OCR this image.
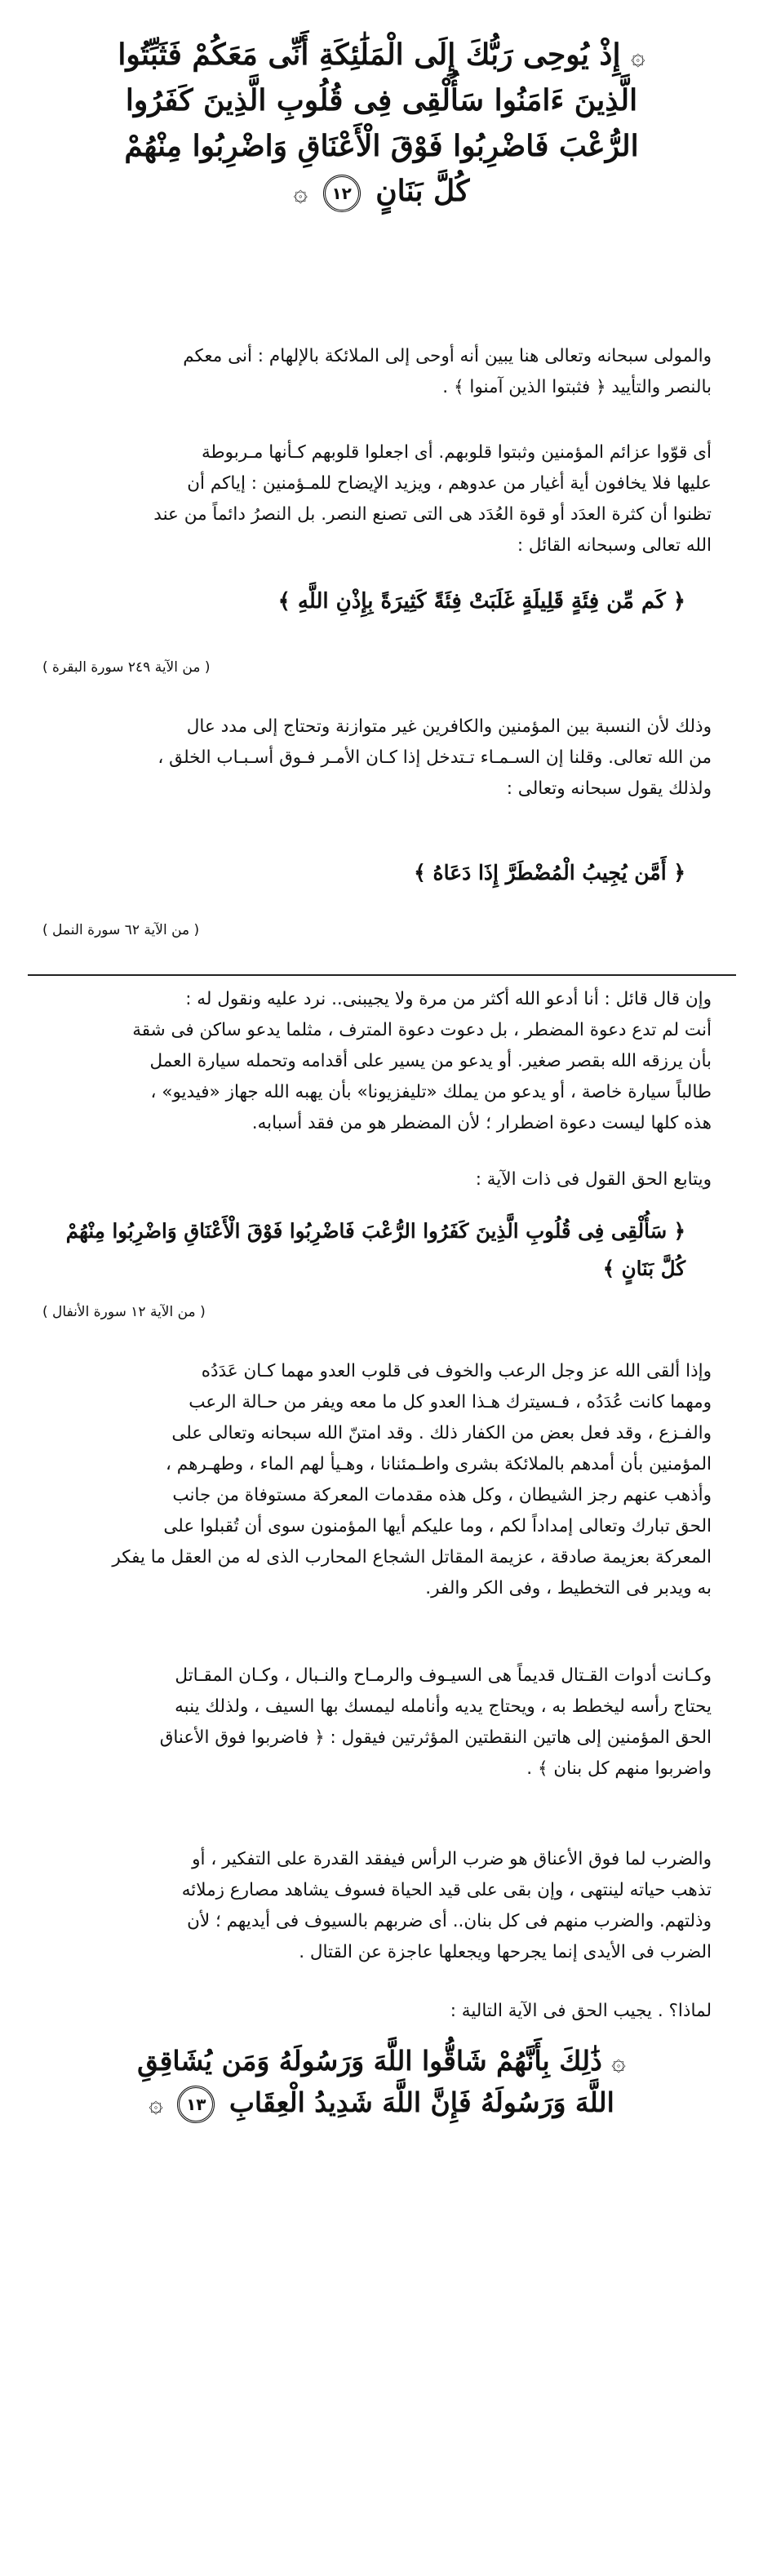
۞ إِذْ يُوحِى رَبُّكَ إِلَى الْمَلَٰئِكَةِ أَنِّى مَعَكُمْ فَثَبِّتُوا
الَّذِينَ ءَامَنُوا سَأُلْقِى فِى قُلُوبِ الَّذِينَ كَفَرُوا
الرُّعْبَ فَاضْرِبُوا فَوْقَ الْأَعْنَاقِ وَاضْرِبُوا مِنْهُمْ
كُلَّ بَنَانٍ ١٢ ۞
والمولى سبحانه وتعالى هنا يبين أنه أوحى إلى الملائكة بالإلهام : أنى معكم
بالنصر والتأييد ﴿ فثبتوا الذين آمنوا ﴾ .
أى قوّوا عزائم المؤمنين وثبتوا قلوبهم. أى اجعلوا قلوبهم كـأنها مـربوطة
عليها فلا يخافون أية أغيار من عدوهم ، ويزيد الإيضاح للمـؤمنين : إياكم أن
تظنوا أن كثرة العدَد أو قوة العُدَد هى التى تصنع النصر. بل النصرُ دائماً من عند
الله تعالى وسبحانه القائل :
﴿ كَم مِّن فِئَةٍ قَلِيلَةٍ غَلَبَتْ فِئَةً كَثِيرَةً بِإِذْنِ اللَّهِ ﴾
( من الآية ٢٤٩ سورة البقرة )
وذلك لأن النسبة بين المؤمنين والكافرين غير متوازنة وتحتاج إلى مدد عال
من الله تعالى. وقلنا إن السـمـاء تـتدخل إذا كـان الأمـر فـوق أسـبـاب الخلق ،
ولذلك يقول سبحانه وتعالى :
﴿ أَمَّن يُجِيبُ الْمُضْطَرَّ إِذَا دَعَاهُ ﴾
( من الآية ٦٢ سورة النمل )
وإن قال قائل : أنا أدعو الله أكثر من مرة ولا يجيبنى.. نرد عليه ونقول له :
أنت لم تدع دعوة المضطر ، بل دعوت دعوة المترف ، مثلما يدعو ساكن فى شقة
بأن يرزقه الله بقصر صغير. أو يدعو من يسير على أقدامه وتحمله سيارة العمل
طالباً سيارة خاصة ، أو يدعو من يملك «تليفزيونا» بأن يهبه الله جهاز «فيديو» ،
هذه كلها ليست دعوة اضطرار ؛ لأن المضطر هو من فقد أسبابه.
ويتابع الحق القول فى ذات الآية :
﴿ سَأُلْقِى فِى قُلُوبِ الَّذِينَ كَفَرُوا الرُّعْبَ فَاضْرِبُوا فَوْقَ الْأَعْنَاقِ وَاضْرِبُوا مِنْهُمْ
كُلَّ بَنَانٍ ﴾
( من الآية ١٢ سورة الأنفال )
وإذا ألقى الله عز وجل الرعب والخوف فى قلوب العدو مهما كـان عَدَدُه
ومهما كانت عُدَدُه ، فـسيترك هـذا العدو كل ما معه ويفر من حـالة الرعب
والفـزع ، وقد فعل بعض من الكفار ذلك . وقد امتنّ الله سبحانه وتعالى على
المؤمنين بأن أمدهم بالملائكة بشرى واطـمئنانا ، وهـيأ لهم الماء ، وطهـرهم ،
وأذهب عنهم رجز الشيطان ، وكل هذه مقدمات المعركة مستوفاة من جانب
الحق تبارك وتعالى إمداداً لكم ، وما عليكم أيها المؤمنون سوى أن تُقبلوا على
المعركة بعزيمة صادقة ، عزيمة المقاتل الشجاع المحارب الذى له من العقل ما يفكر
به ويدبر فى التخطيط ، وفى الكر والفر.
وكـانت أدوات القـتال قديماً هى السيـوف والرمـاح والنـبال ، وكـان المقـاتل
يحتاج رأسه ليخطط به ، ويحتاج يديه وأنامله ليمسك بها السيف ، ولذلك ينبه
الحق المؤمنين إلى هاتين النقطتين المؤثرتين فيقول : ﴿ فاضربوا فوق الأعناق
واضربوا منهم كل بنان ﴾ .
والضرب لما فوق الأعناق هو ضرب الرأس فيفقد القدرة على التفكير ، أو
تذهب حياته لينتهى ، وإن بقى على قيد الحياة فسوف يشاهد مصارع زملائه
وذلتهم. والضرب منهم فى كل بنان.. أى ضربهم بالسيوف فى أيديهم ؛ لأن
الضرب فى الأيدى إنما يجرحها ويجعلها عاجزة عن القتال .
لماذا؟ . يجيب الحق فى الآية التالية :
۞ ذَٰلِكَ بِأَنَّهُمْ شَاقُّوا اللَّهَ وَرَسُولَهُ وَمَن يُشَاقِقِ
اللَّهَ وَرَسُولَهُ فَإِنَّ اللَّهَ شَدِيدُ الْعِقَابِ ١٣ ۞
